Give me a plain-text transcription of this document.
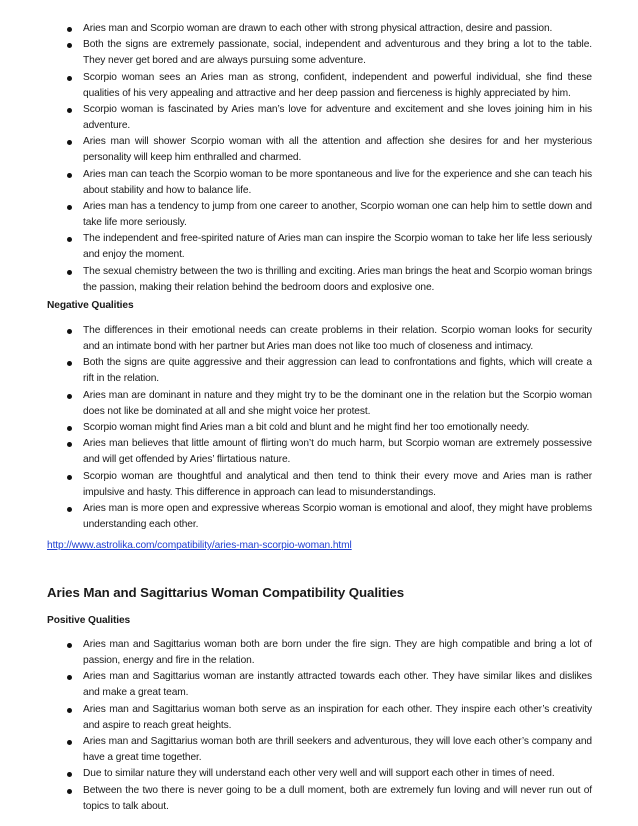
Aries man and Scorpio woman are drawn to each other with strong physical attraction, desire and passion.
Both the signs are extremely passionate, social, independent and adventurous and they bring a lot to the table. They never get bored and are always pursuing some adventure.
Scorpio woman sees an Aries man as strong, confident, independent and powerful individual, she find these qualities of his very appealing and attractive and her deep passion and fierceness is highly appreciated by him.
Scorpio woman is fascinated by Aries man’s love for adventure and excitement and she loves joining him in his adventure.
Aries man will shower Scorpio woman with all the attention and affection she desires for and her mysterious personality will keep him enthralled and charmed.
Aries man can teach the Scorpio woman to be more spontaneous and live for the experience and she can teach his about stability and how to balance life.
Aries man has a tendency to jump from one career to another, Scorpio woman one can help him to settle down and take life more seriously.
The independent and free-spirited nature of Aries man can inspire the Scorpio woman to take her life less seriously and enjoy the moment.
The sexual chemistry between the two is thrilling and exciting. Aries man brings the heat and Scorpio woman brings the passion, making their relation behind the bedroom doors and explosive one.
Negative Qualities
The differences in their emotional needs can create problems in their relation. Scorpio woman looks for security and an intimate bond with her partner but Aries man does not like too much of closeness and intimacy.
Both the signs are quite aggressive and their aggression can lead to confrontations and fights, which will create a rift in the relation.
Aries man are dominant in nature and they might try to be the dominant one in the relation but the Scorpio woman does not like be dominated at all and she might voice her protest.
Scorpio woman might find Aries man a bit cold and blunt and he might find her too emotionally needy.
Aries man believes that little amount of flirting won’t do much harm, but Scorpio woman are extremely possessive and will get offended by Aries’ flirtatious nature.
Scorpio woman are thoughtful and analytical and then tend to think their every move and Aries man is rather impulsive and hasty. This difference in approach can lead to misunderstandings.
Aries man is more open and expressive whereas Scorpio woman is emotional and aloof, they might have problems understanding each other.
http://www.astrolika.com/compatibility/aries-man-scorpio-woman.html
Aries Man and Sagittarius Woman Compatibility Qualities
Positive Qualities
Aries man and Sagittarius woman both are born under the fire sign. They are high compatible and bring a lot of passion, energy and fire in the relation.
Aries man and Sagittarius woman are instantly attracted towards each other. They have similar likes and dislikes and make a great team.
Aries man and Sagittarius woman both serve as an inspiration for each other. They inspire each other’s creativity and aspire to reach great heights.
Aries man and Sagittarius woman both are thrill seekers and adventurous, they will love each other’s company and have a great time together.
Due to similar nature they will understand each other very well and will support each other in times of need.
Between the two there is never going to be a dull moment, both are extremely fun loving and will never run out of topics to talk about.
